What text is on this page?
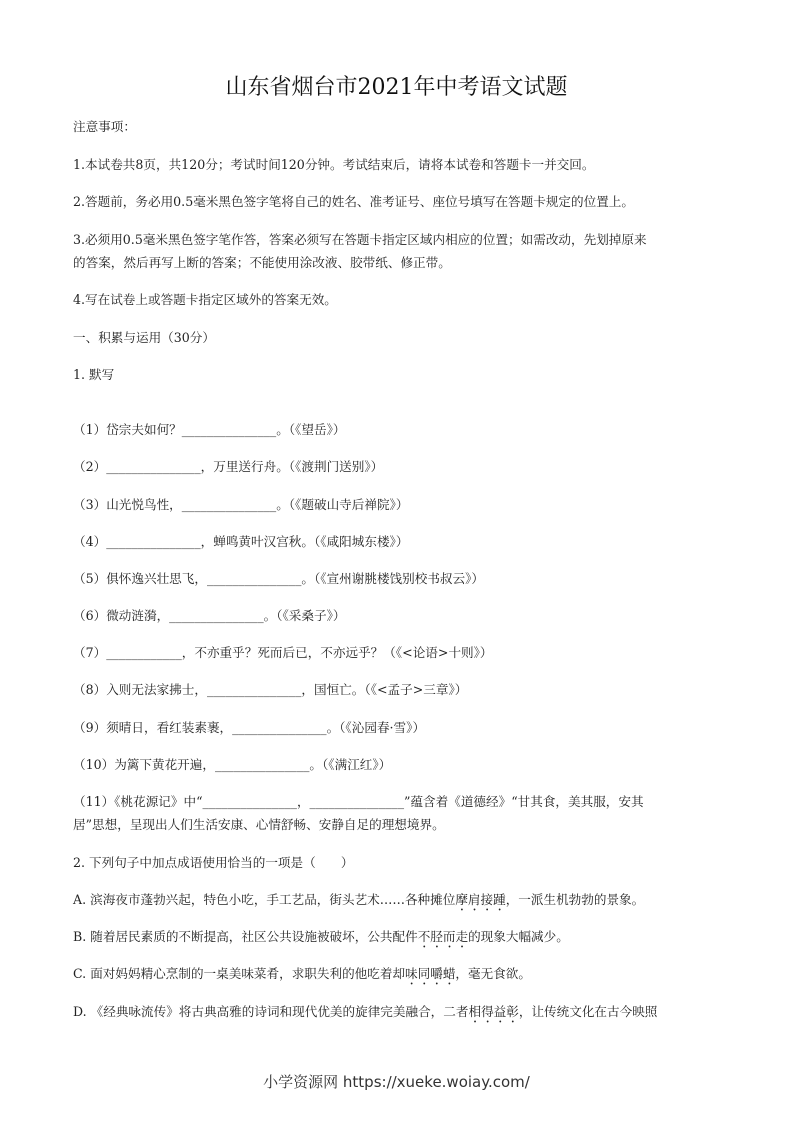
山东省烟台市2021年中考语文试题
注意事项：
1.本试卷共8页，共120分；考试时间120分钟。考试结束后，请将本试卷和答题卡一并交回。
2.答题前，务必用0.5毫米黑色签字笔将自己的姓名、准考证号、座位号填写在答题卡规定的位置上。
3.必须用0.5毫米黑色签字笔作答，答案必须写在答题卡指定区域内相应的位置；如需改动，先划掉原来
的答案，然后再写上断的答案；不能使用涂改液、胶带纸、修正带。
4.写在试卷上或答题卡指定区域外的答案无效。
一、积累与运用（30分）
1. 默写
（1）岱宗夫如何？_______________。（《望岳》）
（2）_______________，万里送行舟。（《渡荆门送别》）
（3）山光悦鸟性，_______________。（《题破山寺后禅院》）
（4）_______________，蝉鸣黄叶汉宫秋。（《咸阳城东楼》）
（5）俱怀逸兴壮思飞，_______________。（《宣州谢脁楼饯别校书叔云》）
（6）微动涟漪，_______________。（《采桑子》）
（7）____________，不亦重乎？死而后已，不亦远乎？（《<论语>十则》）
（8）入则无法家拂士，_______________，国恒亡。（《<孟子>三章》）
（9）须晴日，看红装素裹，_______________。（《沁园春·雪》）
（10）为篱下黄花开遍，_______________。（《满江红》）
（11）《桃花源记》中“_______________，_______________”蕴含着《道德经》“甘其食，美其服，安其
居”思想，呈现出人们生活安康、心情舒畅、安静自足的理想境界。
2. 下列句子中加点成语使用恰当的一项是（　　）
A. 滨海夜市蓬勃兴起，特色小吃，手工艺品，街头艺术……各种摊位摩肩接踵，一派生机勃勃的景象。
B. 随着居民素质的不断提高，社区公共设施被破坏，公共配件不胫而走的现象大幅减少。
C. 面对妈妈精心烹制的一桌美味菜肴，求职失利的他吃着却味同嚼蜡，毫无食欲。
D. 《经典咏流传》将古典高雅的诗词和现代优美的旋律完美融合，二者相得益彰，让传统文化在古今映照
小学资源网 https://xueke.woiay.com/
